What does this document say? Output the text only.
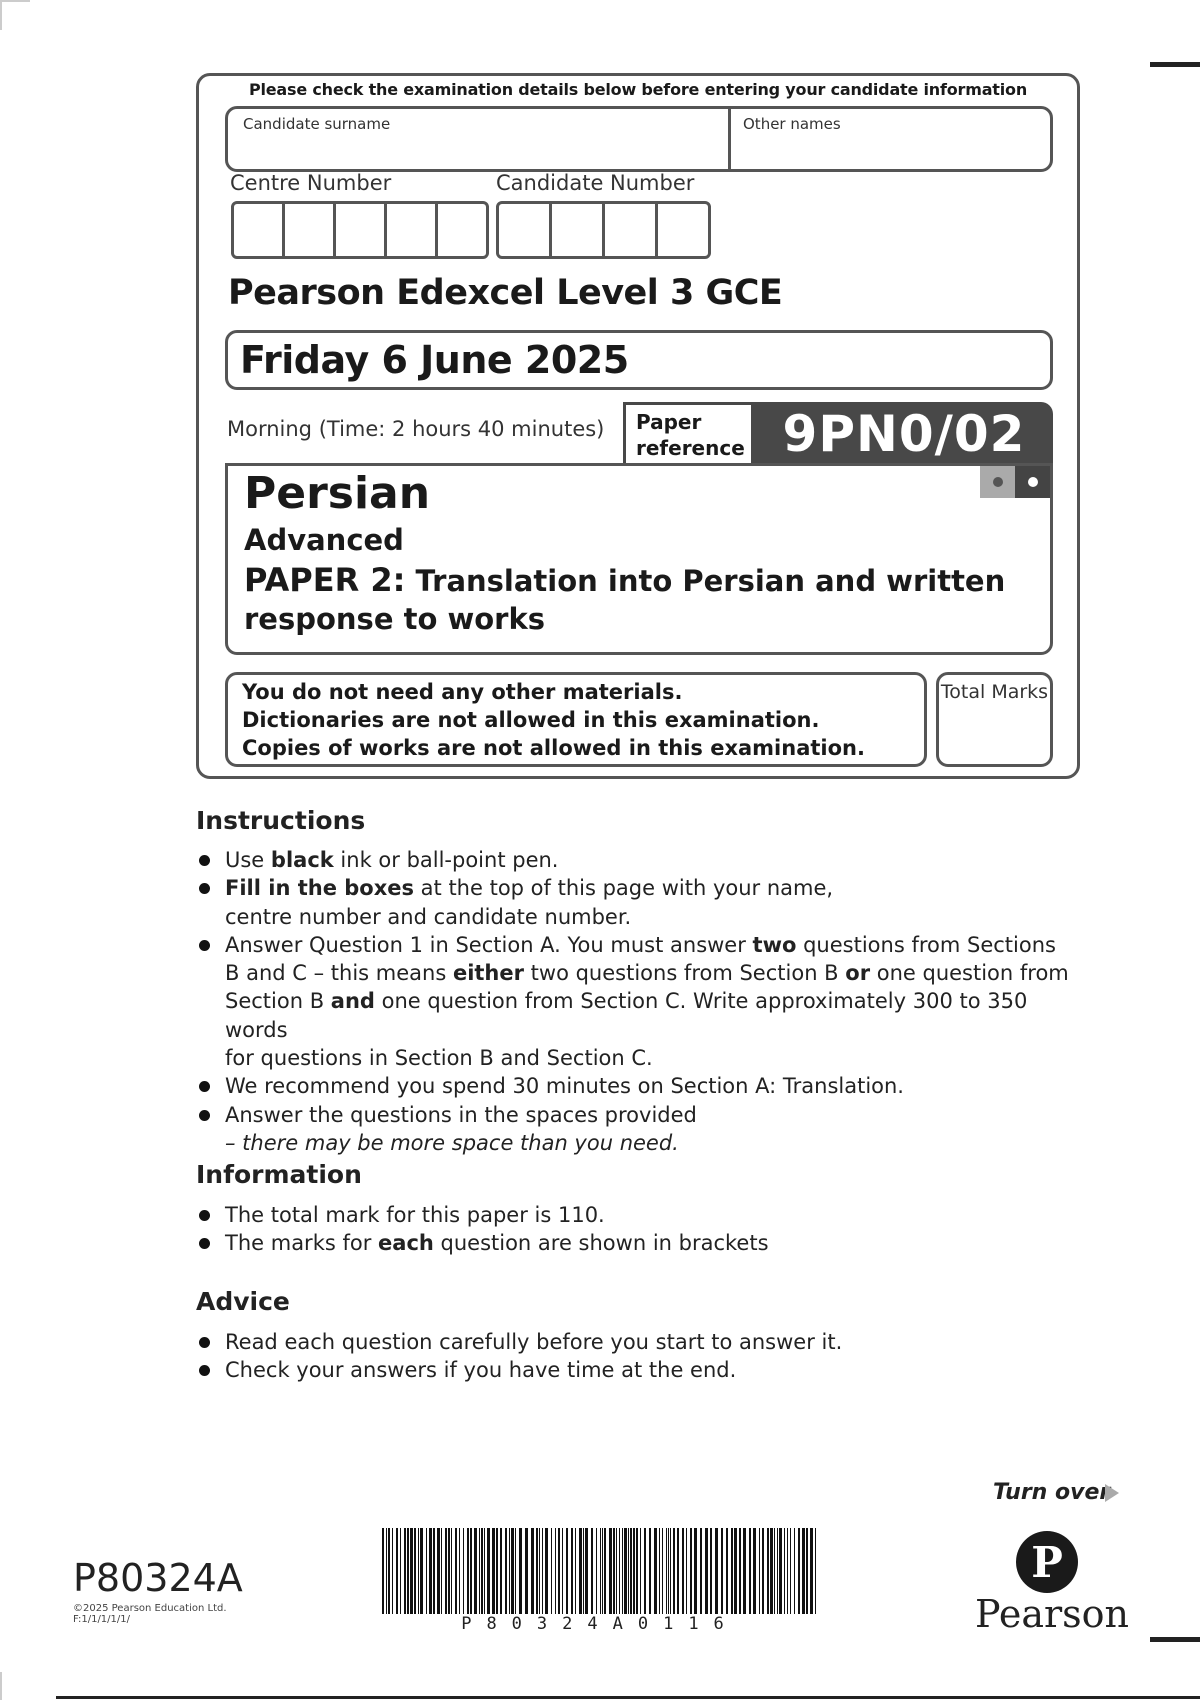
Please check the examination details below before entering your candidate information
Candidate surname	Other names
Centre Number	Candidate Number
Pearson Edexcel Level 3 GCE
Friday 6 June 2025
Morning (Time: 2 hours 40 minutes) Paper
reference 9PN0/02
Persian
Advanced
PAPER 2: Translation into Persian and written
response to works
You do not need any other materials.
Dictionaries are not allowed in this examination.
Copies of works are not allowed in this examination.
Total Marks
Instructions
Use black ink or ball-point pen.
Fill in the boxes at the top of this page with your name,
centre number and candidate number.
Answer Question 1 in Section A. You must answer two questions from Sections
B and C – this means either two questions from Section B or one question from
Section B and one question from Section C. Write approximately 300 to 350 words
for questions in Section B and Section C.
We recommend you spend 30 minutes on Section A: Translation.
Answer the questions in the spaces provided
– there may be more space than you need.
Information
The total mark for this paper is 110.
The marks for each question are shown in brackets
Advice
Read each question carefully before you start to answer it.
Check your answers if you have time at the end.
Turn over
P80324A
©2025 Pearson Education Ltd.
F:1/1/1/1/1/	P80324A0116
P
Pearson
